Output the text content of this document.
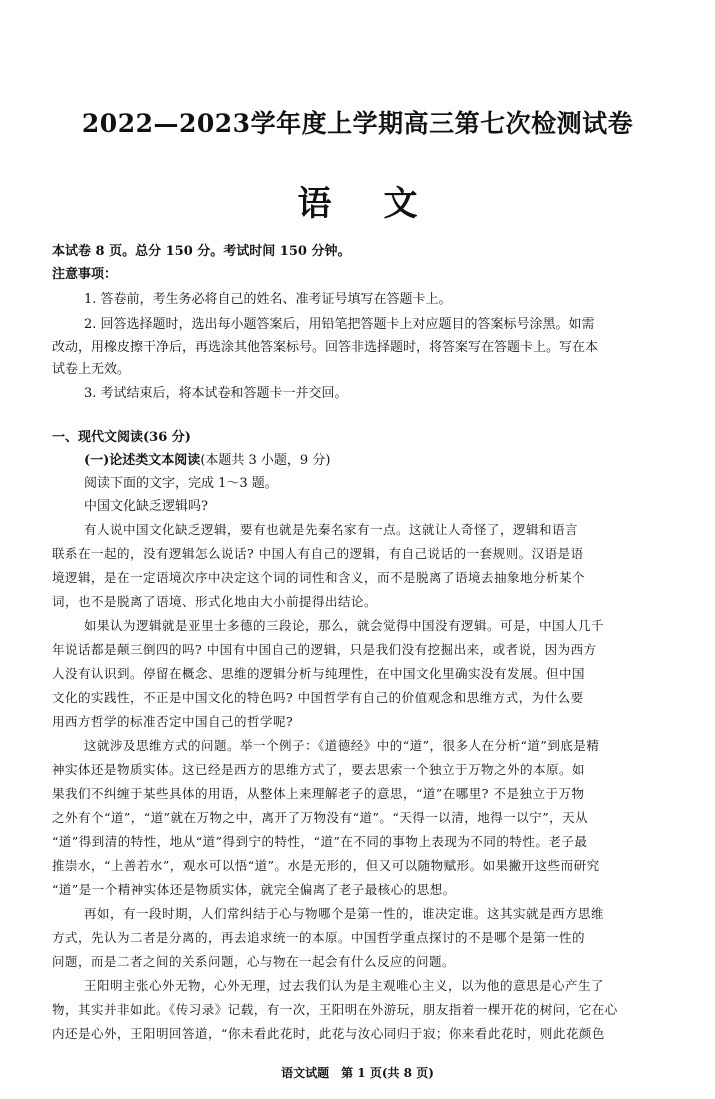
2022—2023学年度上学期高三第七次检测试卷
语文
本试卷 8 页。总分 150 分。考试时间 150 分钟。
注意事项：
1. 答卷前，考生务必将自己的姓名、准考证号填写在答题卡上。
2. 回答选择题时，选出每小题答案后，用铅笔把答题卡上对应题目的答案标号涂黑。如需
改动，用橡皮擦干净后，再选涂其他答案标号。回答非选择题时，将答案写在答题卡上。写在本
试卷上无效。
3. 考试结束后，将本试卷和答题卡一并交回。
一、现代文阅读(36 分)
(一)论述类文本阅读(本题共 3 小题，9 分)
阅读下面的文字，完成 1～3 题。
中国文化缺乏逻辑吗?
有人说中国文化缺乏逻辑，要有也就是先秦名家有一点。这就让人奇怪了，逻辑和语言
联系在一起的，没有逻辑怎么说话? 中国人有自己的逻辑，有自己说话的一套规则。汉语是语
境逻辑，是在一定语境次序中决定这个词的词性和含义，而不是脱离了语境去抽象地分析某个
词，也不是脱离了语境、形式化地由大小前提得出结论。
如果认为逻辑就是亚里士多德的三段论，那么，就会觉得中国没有逻辑。可是，中国人几千
年说话都是颠三倒四的吗? 中国有中国自己的逻辑，只是我们没有挖掘出来，或者说，因为西方
人没有认识到。停留在概念、思维的逻辑分析与纯理性，在中国文化里确实没有发展。但中国
文化的实践性，不正是中国文化的特色吗? 中国哲学有自己的价值观念和思维方式，为什么要
用西方哲学的标准否定中国自己的哲学呢?
这就涉及思维方式的问题。举一个例子：《道德经》中的“道”，很多人在分析“道”到底是精
神实体还是物质实体。这已经是西方的思维方式了，要去思索一个独立于万物之外的本原。如
果我们不纠缠于某些具体的用语，从整体上来理解老子的意思，“道”在哪里? 不是独立于万物
之外有个“道”，“道”就在万物之中，离开了万物没有“道”。“天得一以清，地得一以宁”，天从
“道”得到清的特性，地从“道”得到宁的特性，“道”在不同的事物上表现为不同的特性。老子最
推崇水，“上善若水”，观水可以悟“道”。水是无形的，但又可以随物赋形。如果撇开这些而研究
“道”是一个精神实体还是物质实体，就完全偏离了老子最核心的思想。
再如，有一段时期，人们常纠结于心与物哪个是第一性的，谁决定谁。这其实就是西方思维
方式，先认为二者是分离的，再去追求统一的本原。中国哲学重点探讨的不是哪个是第一性的
问题，而是二者之间的关系问题，心与物在一起会有什么反应的问题。
王阳明主张心外无物，心外无理，过去我们认为是主观唯心主义，以为他的意思是心产生了
物，其实并非如此。《传习录》记载，有一次，王阳明在外游玩，朋友指着一棵开花的树问，它在心
内还是心外，王阳明回答道，“你未看此花时，此花与汝心同归于寂；你来看此花时，则此花颜色
语文试题 第 1 页(共 8 页)
